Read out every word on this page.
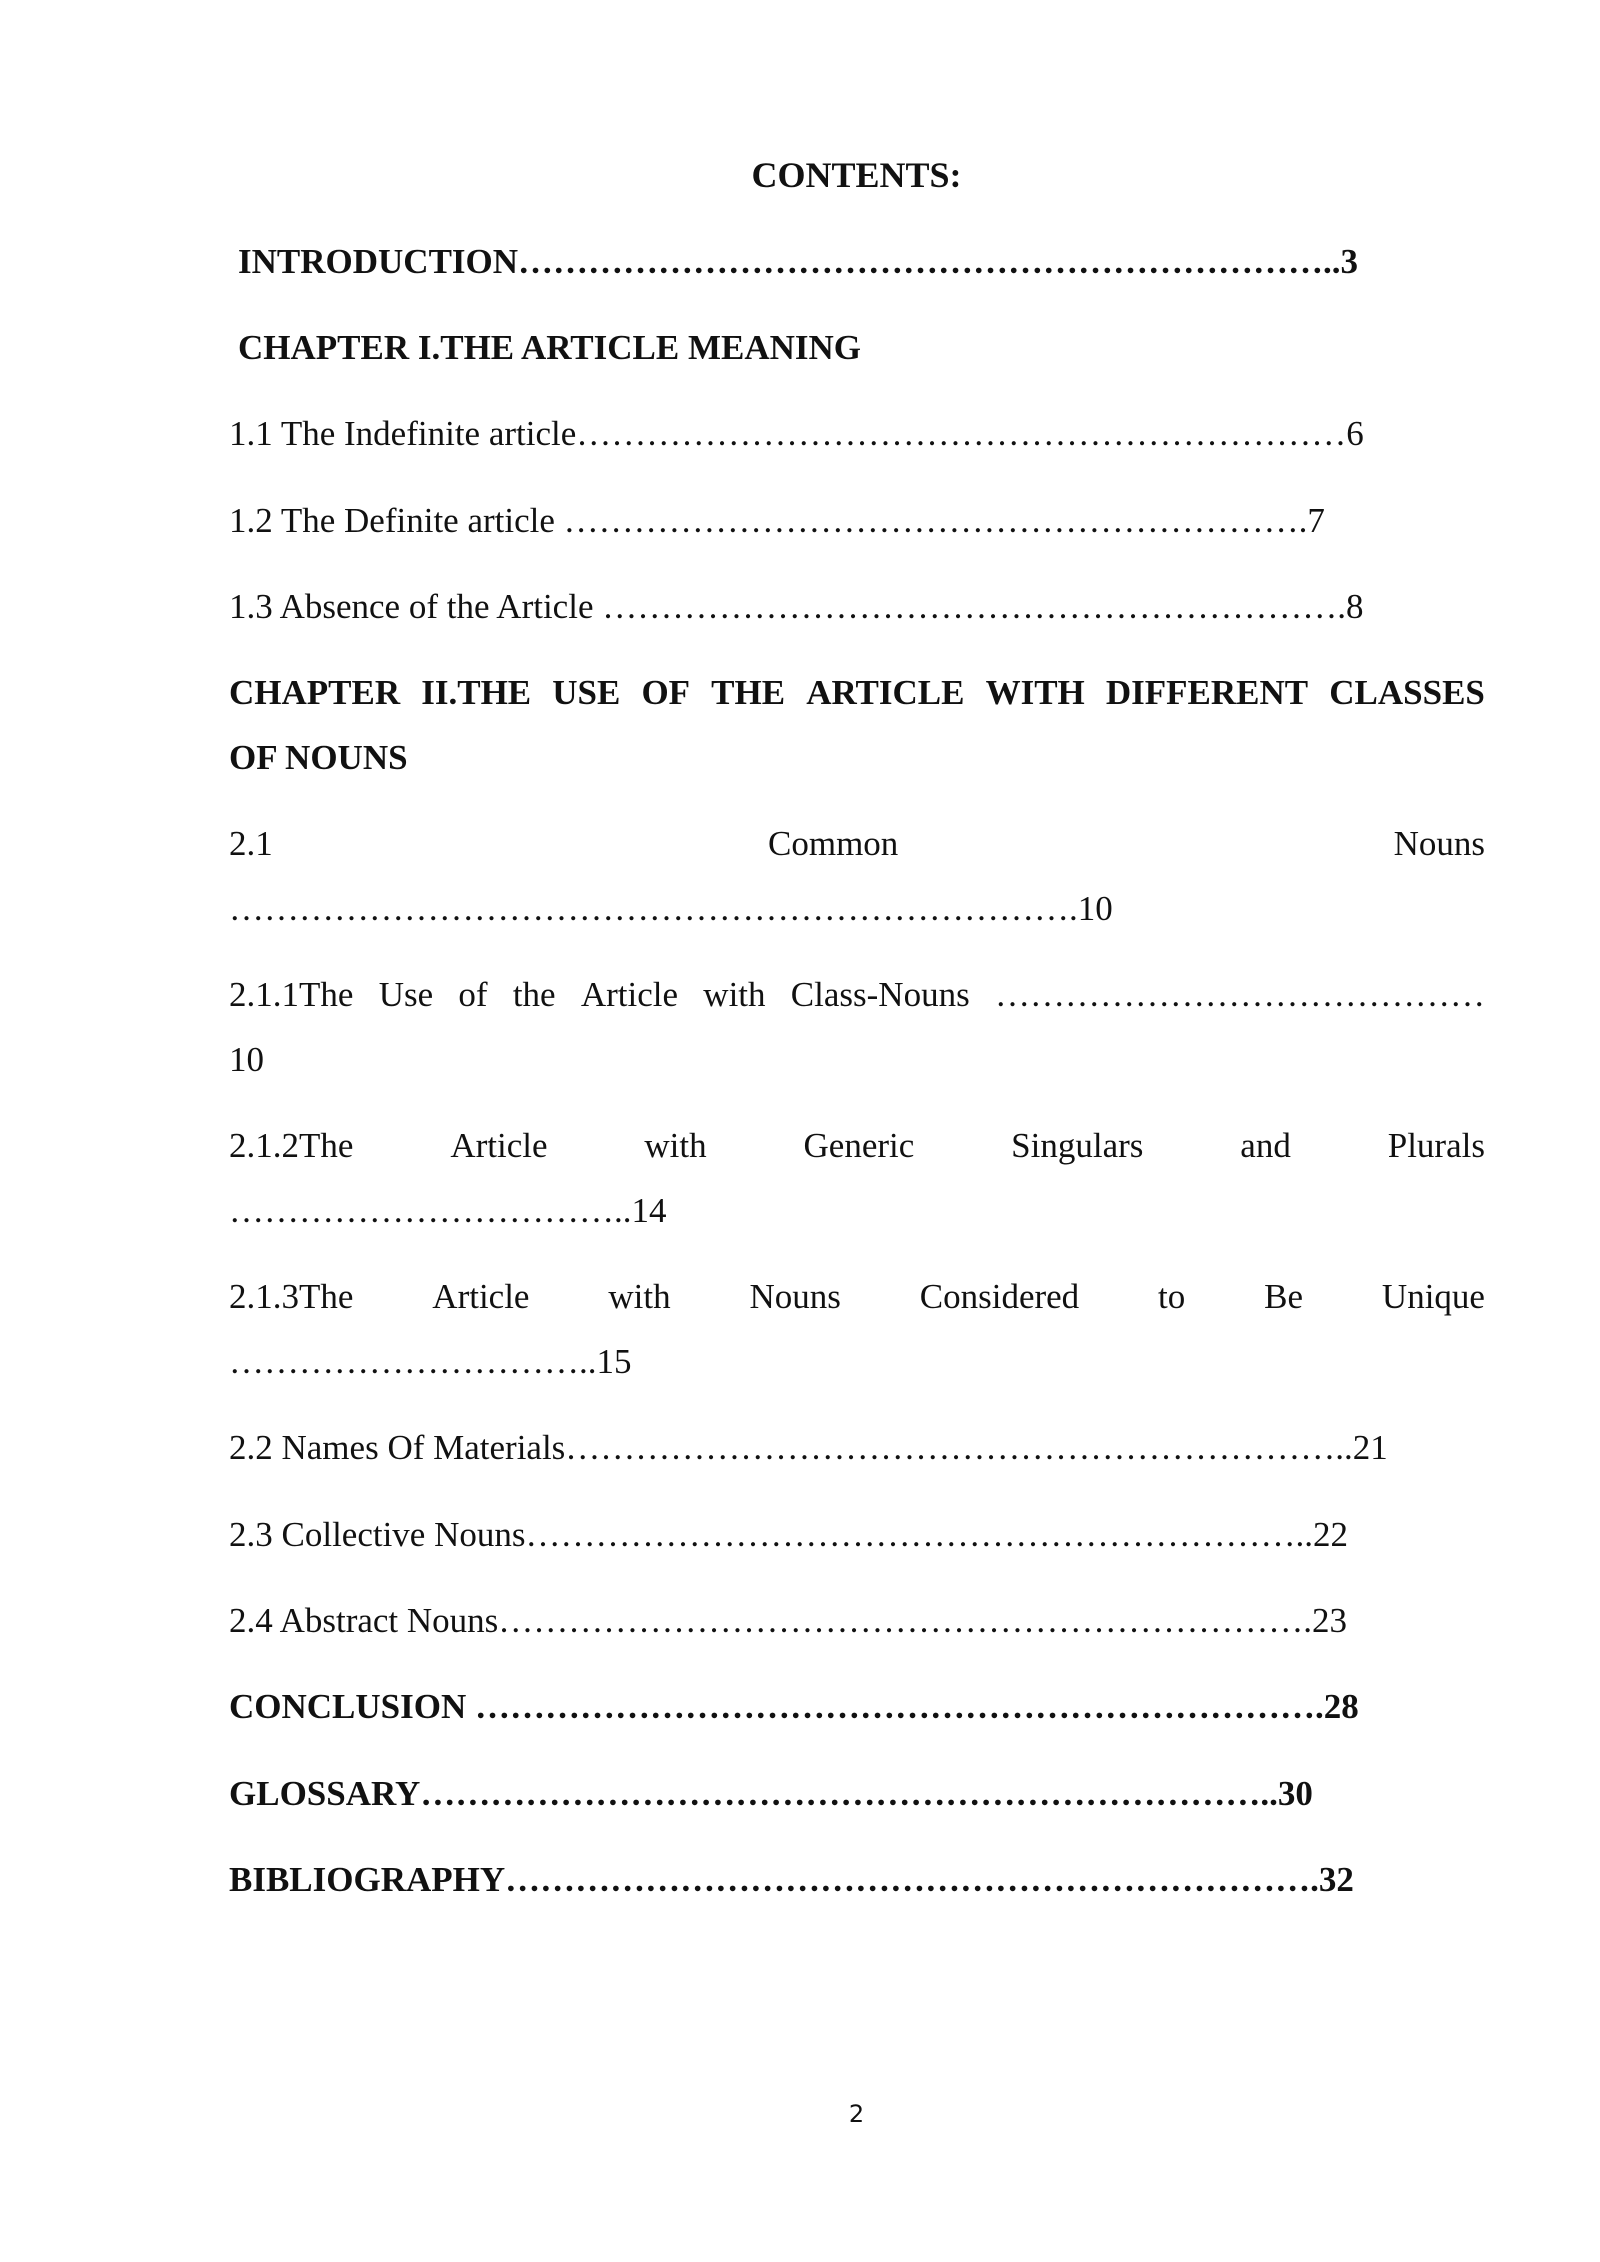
CONTENTS:
INTRODUCTION……………………………………………………………..3
CHAPTER I.THE ARTICLE MEANING
1.1 The Indefinite article…………………………………………………………6
1.2 The Definite article ……………………………………………………….7
1.3 Absence of the Article ……………………………………………………….8
CHAPTER II.THE USE OF THE ARTICLE WITH DIFFERENT CLASSES
OF NOUNS
2.1	Common	Nouns
……………………………………………………………….10
2.1.1The Use of the Article with Class-Nouns ……………………………………
10
2.1.2The	Article	with	Generic	Singulars	and	Plurals
……………………………..14
2.1.3The Article with Nouns Considered to Be Unique
…………………………..15
2.2 Names Of Materials…………………………………………………………..21
2.3 Collective Nouns…………………………………………………………..22
2.4 Abstract Nouns…………………………………………………………….23
CONCLUSION ……………………………………………………………….28
GLOSSARY………………………………………………………………..30
BIBLIOGRAPHY…………………………………………………………….32
2
